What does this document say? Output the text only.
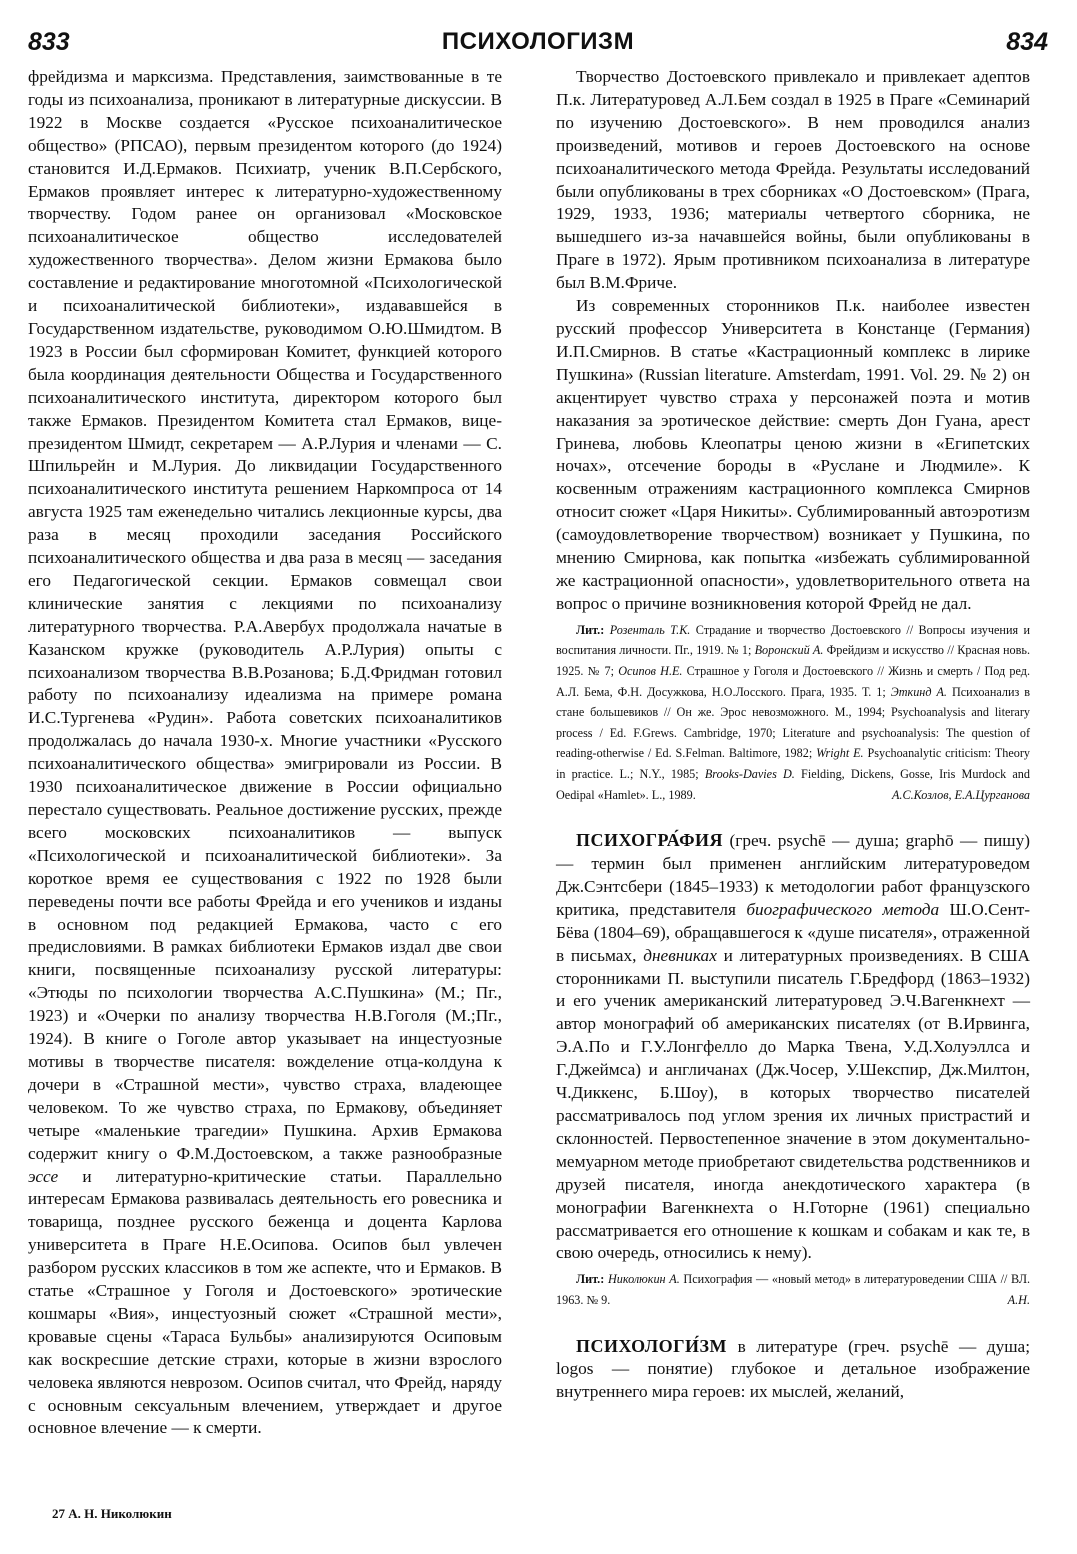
833	ПСИХОЛОГИЗМ	834

фрейдизма и марксизма. Представления, заимствованные в те годы из психоанализа, проникают в литературные дискуссии. В 1922 в Москве создается «Русское психоаналитическое общество» (РПСАО), первым президентом которого (до 1924) становится И.Д.Ермаков. Психиатр, ученик В.П.Сербского, Ермаков проявляет интерес к литературно-художественному творчеству. Годом ранее он организовал «Московское психоаналитическое общество исследователей художественного творчества». Делом жизни Ермакова было составление и редактирование многотомной «Психологической и психоаналитической библиотеки», издававшейся в Государственном издательстве, руководимом О.Ю.Шмидтом. В 1923 в России был сформирован Комитет, функцией которого была координация деятельности Общества и Государственного психоаналитического института, директором которого был также Ермаков. Президентом Комитета стал Ермаков, вице-президентом Шмидт, секретарем — А.Р.Лурия и членами — С. Шпильрейн и М.Лурия. До ликвидации Государственного психоаналитического института решением Наркомпроса от 14 августа 1925 там еженедельно читались лекционные курсы, два раза в месяц проходили заседания Российского психоаналитического общества и два раза в месяц — заседания его Педагогической секции. Ермаков совмещал свои клинические занятия с лекциями по психоанализу литературного творчества. Р.А.Авербух продолжала начатые в Казанском кружке (руководитель А.Р.Лурия) опыты с психоанализом творчества В.В.Розанова; Б.Д.Фридман готовил работу по психоанализу идеализма на примере романа И.С.Тургенева «Рудин». Работа советских психоаналитиков продолжалась до начала 1930-х. Многие участники «Русского психоаналитического общества» эмигрировали из России. В 1930 психоаналитическое движение в России официально перестало существовать. Реальное достижение русских, прежде всего московских психоаналитиков — выпуск «Психологической и психоаналитической библиотеки». За короткое время ее существования с 1922 по 1928 были переведены почти все работы Фрейда и его учеников и изданы в основном под редакцией Ермакова, часто с его предисловиями. В рамках библиотеки Ермаков издал две свои книги, посвященные психоанализу русской литературы: «Этюды по психологии творчества А.С.Пушкина» (М.; Пг., 1923) и «Очерки по анализу творчества Н.В.Гоголя (М.;Пг., 1924). В книге о Гоголе автор указывает на инцестуозные мотивы в творчестве писателя: вожделение отца-колдуна к дочери в «Страшной мести», чувство страха, владеющее человеком. То же чувство страха, по Ермакову, объединяет четыре «маленькие трагедии» Пушкина. Архив Ермакова содержит книгу о Ф.М.Достоевском, а также разнообразные эссе и литературно-критические статьи. Параллельно интересам Ермакова развивалась деятельность его ровесника и товарища, позднее русского беженца и доцента Карлова университета в Праге Н.Е.Осипова. Осипов был увлечен разбором русских классиков в том же аспекте, что и Ермаков. В статье «Страшное у Гоголя и Достоевского» эротические кошмары «Вия», инцестуозный сюжет «Страшной мести», кровавые сцены «Тараса Бульбы» анализируются Осиповым как воскресшие детские страхи, которые в жизни взрослого человека являются неврозом. Осипов считал, что Фрейд, наряду с основным сексуальным влечением, утверждает и другое основное влечение — к смерти.

Творчество Достоевского привлекало и привлекает адептов П.к. Литературовед А.Л.Бем создал в 1925 в Праге «Семинарий по изучению Достоевского». В нем проводился анализ произведений, мотивов и героев Достоевского на основе психоаналитического метода Фрейда. Результаты исследований были опубликованы в трех сборниках «О Достоевском» (Прага, 1929, 1933, 1936; материалы четвертого сборника, не вышедшего из-за начавшейся войны, были опубликованы в Праге в 1972). Ярым противником психоанализа в литературе был В.М.Фриче.

Из современных сторонников П.к. наиболее известен русский профессор Университета в Констанце (Германия) И.П.Смирнов. В статье «Кастрационный комплекс в лирике Пушкина» (Russian literature. Amsterdam, 1991. Vol. 29. № 2) он акцентирует чувство страха у персонажей поэта и мотив наказания за эротическое действие: смерть Дон Гуана, арест Гринева, любовь Клеопатры ценою жизни в «Египетских ночах», отсечение бороды в «Руслане и Людмиле». К косвенным отражениям кастрационного комплекса Смирнов относит сюжет «Царя Никиты». Сублимированный автоэротизм (самоудовлетворение творчеством) возникает у Пушкина, по мнению Смирнова, как попытка «избежать сублимированной же кастрационной опасности», удовлетворительного ответа на вопрос о причине возникновения которой Фрейд не дал.

Лит.: Розенталь Т.К. Страдание и творчество Достоевского // Вопросы изучения и воспитания личности. Пг., 1919. № 1; Воронский А. Фрейдизм и искусство // Красная новь. 1925. № 7; Осипов Н.Е. Страшное у Гоголя и Достоевского // Жизнь и смерть / Под ред. А.Л. Бема, Ф.Н. Досужкова, Н.О.Лосского. Прага, 1935. Т. 1; Эткинд А. Психоанализ в стане большевиков // Он же. Эрос невозможного. М., 1994; Psychoanalysis and literary process / Ed. F.Grews. Cambridge, 1970; Literature and psychoanalysis: The question of reading-otherwise / Ed. S.Felman. Baltimore, 1982; Wright E. Psychoanalytic criticism: Theory in practice. L.; N.Y., 1985; Brooks-Davies D. Fielding, Dickens, Gosse, Iris Murdock and Oedipal «Hamlet». L., 1989.	А.С.Козлов, Е.А.Цурганова

ПСИХОГРА́ФИЯ (греч. psychē — душа; graphō — пишу) — термин был применен английским литературоведом Дж.Сэнтсбери (1845–1933) к методологии работ французского критика, представителя биографического метода Ш.О.Сент-Бёва (1804–69), обращавшегося к «душе писателя», отраженной в письмах, дневниках и литературных произведениях. В США сторонниками П. выступили писатель Г.Бредфорд (1863–1932) и его ученик американский литературовед Э.Ч.Вагенкнехт — автор монографий об американских писателях (от В.Ирвинга, Э.А.По и Г.У.Лонгфелло до Марка Твена, У.Д.Холуэллса и Г.Джеймса) и англичанах (Дж.Чосер, У.Шекспир, Дж.Милтон, Ч.Диккенс, Б.Шоу), в которых творчество писателей рассматривалось под углом зрения их личных пристрастий и склонностей. Первостепенное значение в этом документально-мемуарном методе приобретают свидетельства родственников и друзей писателя, иногда анекдотического характера (в монографии Вагенкнехта о Н.Готорне (1961) специально рассматривается его отношение к кошкам и собакам и как те, в свою очередь, относились к нему).

Лит.: Николюкин А. Психография — «новый метод» в литературоведении США // ВЛ. 1963. № 9.	А.Н.

ПСИХОЛОГИ́ЗМ в литературе (греч. psychē — душа; logos — понятие) глубокое и детальное изображение внутреннего мира героев: их мыслей, желаний,

27 А. Н. Николюкин
